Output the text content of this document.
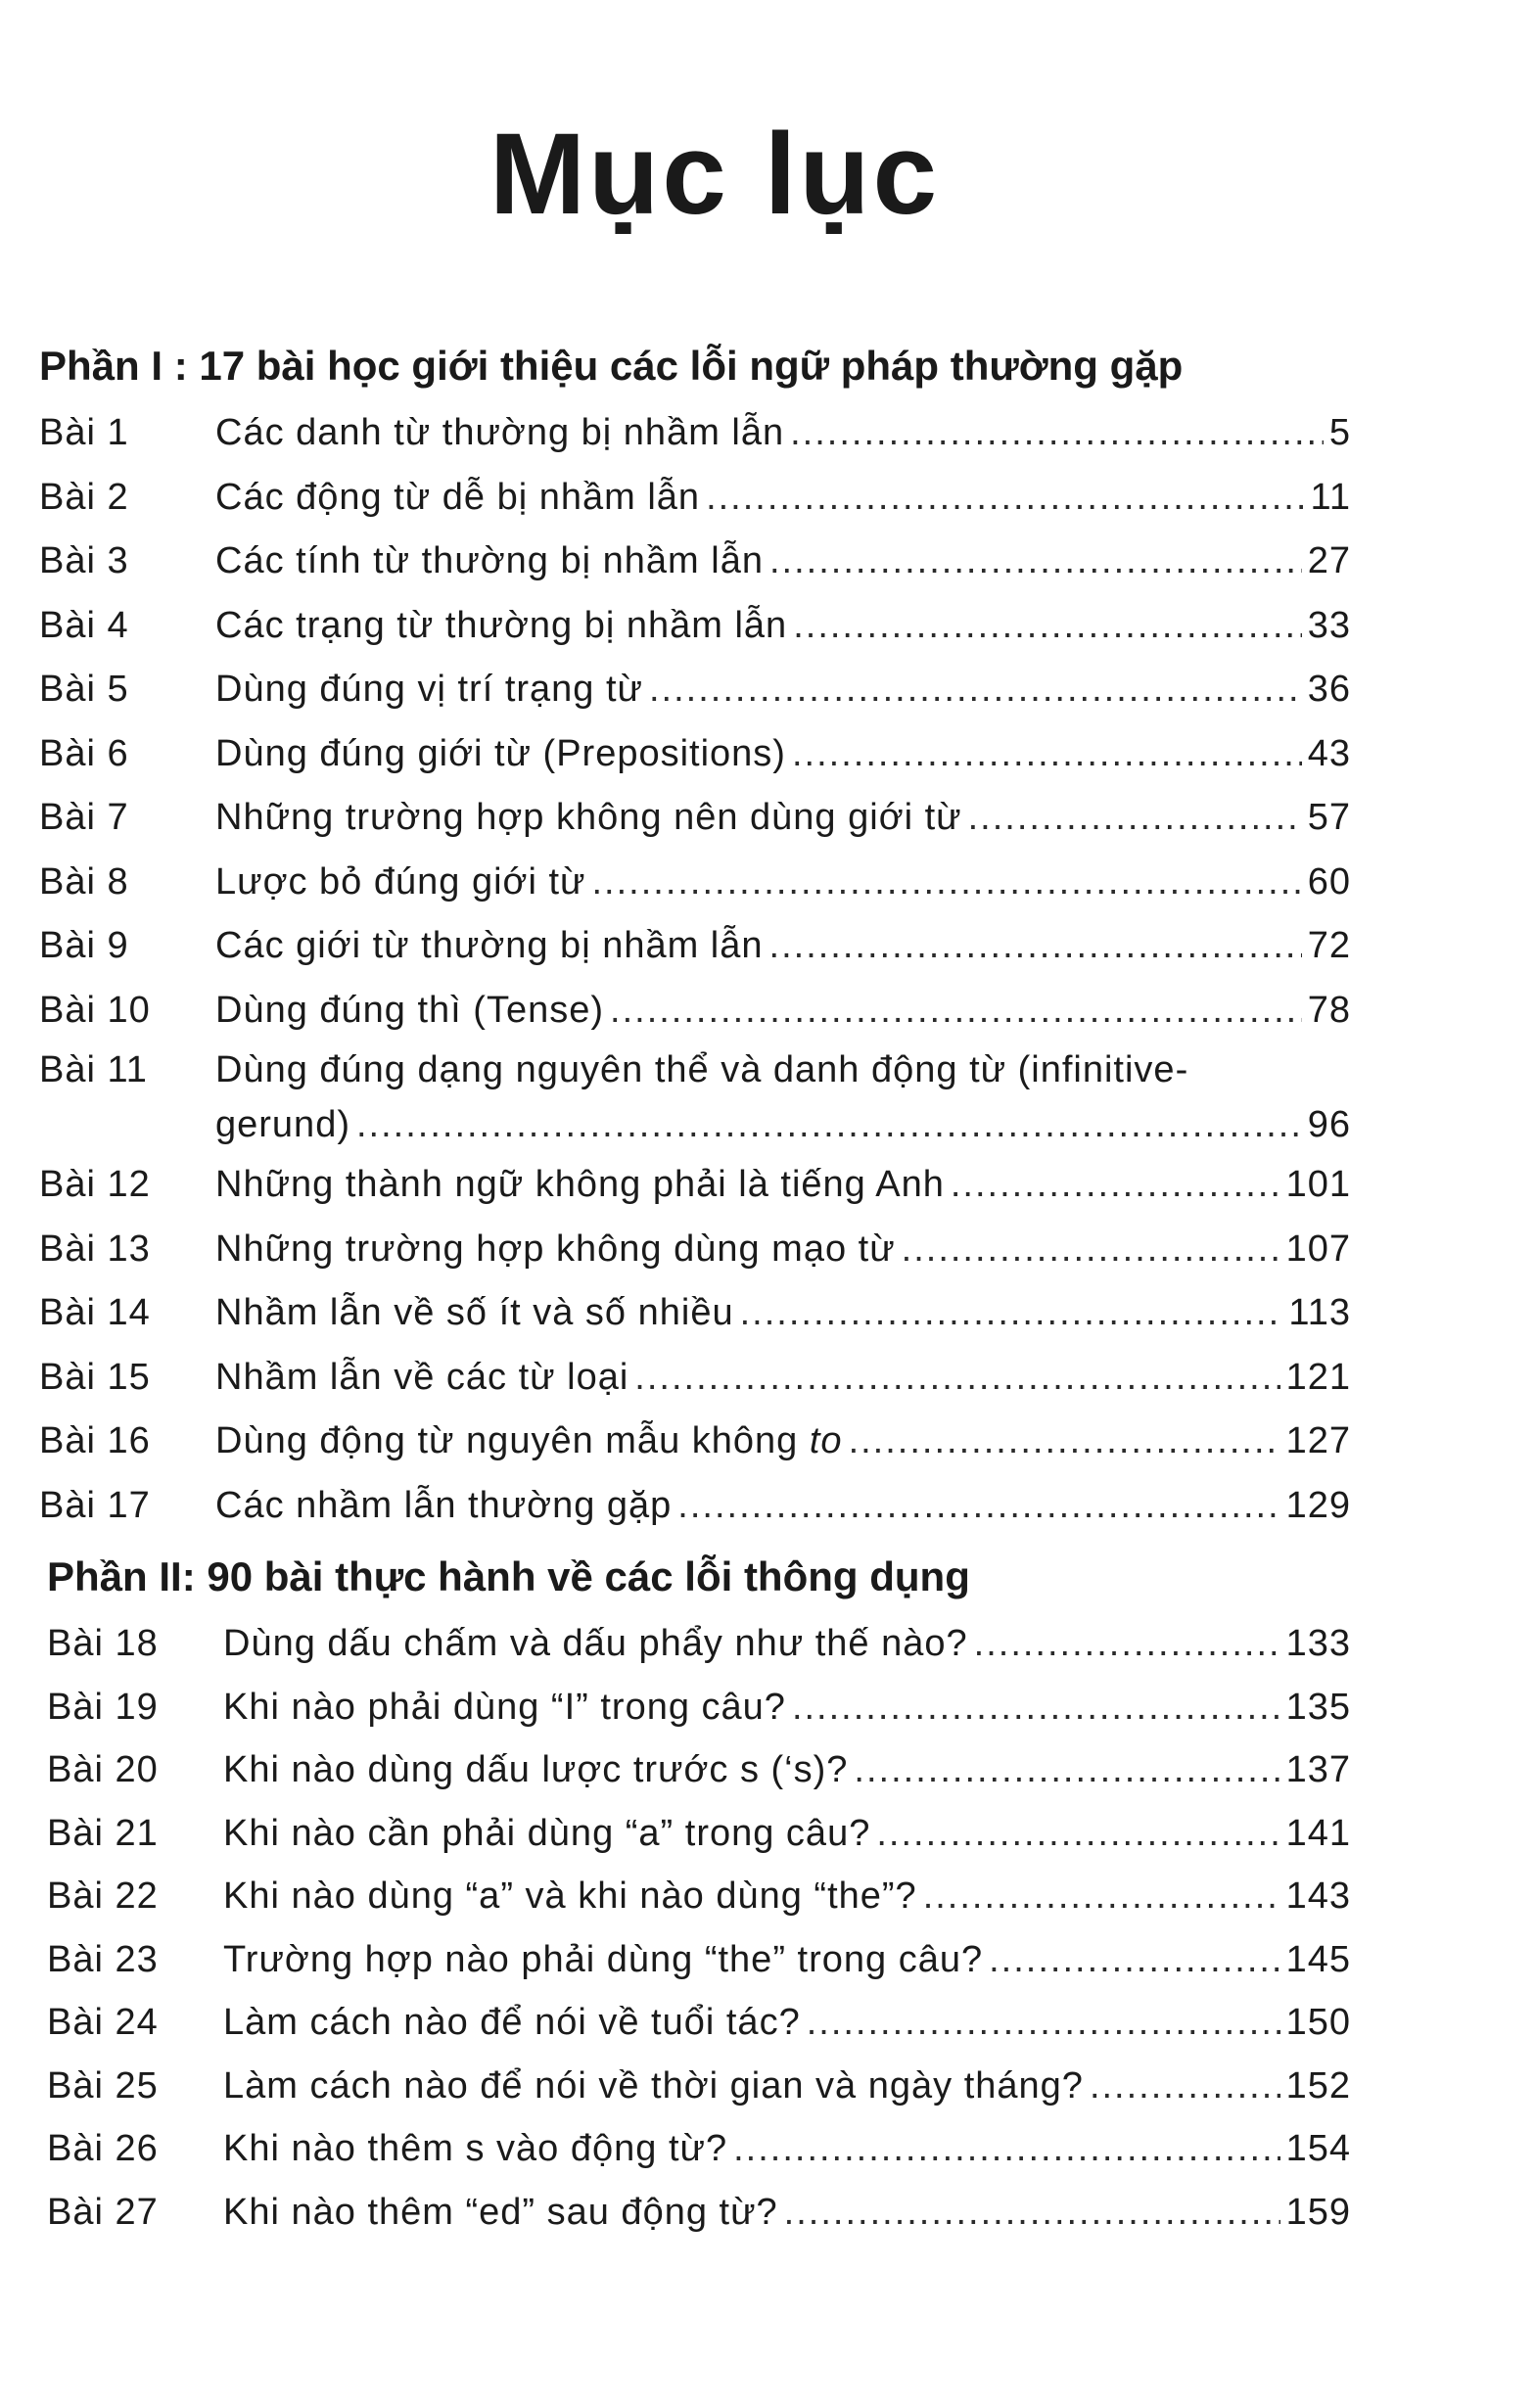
Mục lục
Phần I : 17 bài học giới thiệu các lỗi ngữ pháp thường gặp
Bài 1	Các danh từ thường bị nhầm lẫn .....	5
Bài 2	Các động từ dễ bị nhầm lẫn .....	11
Bài 3	Các tính từ thường bị nhầm lẫn .....	27
Bài 4	Các trạng từ thường bị nhầm lẫn .....	33
Bài 5	Dùng đúng vị trí trạng từ .....	36
Bài 6	Dùng đúng giới từ (Prepositions) .....	43
Bài 7	Những trường hợp không nên dùng giới từ .....	57
Bài 8	Lược bỏ đúng giới từ .....	60
Bài 9	Các giới từ thường bị nhầm lẫn .....	72
Bài 10	Dùng đúng thì (Tense) .....	78
Bài 11	Dùng đúng dạng nguyên thể và danh động từ (infinitive-
gerund) .....	96
Bài 12	Những thành ngữ không phải là tiếng Anh .....	101
Bài 13	Những trường hợp không dùng mạo từ .....	107
Bài 14	Nhầm lẫn về số ít và số nhiều .....	113
Bài 15	Nhầm lẫn về các từ loại .....	121
Bài 16	Dùng động từ nguyên mẫu không to .....	127
Bài 17	Các nhầm lẫn thường gặp .....	129
Phần II: 90 bài thực hành về các lỗi thông dụng
Bài 18	Dùng dấu chấm và dấu phẩy như thế nào? .....	133
Bài 19	Khi nào phải dùng “I” trong câu? .....	135
Bài 20	Khi nào dùng dấu lược trước s (‘s)? .....	137
Bài 21	Khi nào cần phải dùng “a” trong câu? .....	141
Bài 22	Khi nào dùng “a” và khi nào dùng “the”? .....	143
Bài 23	Trường hợp nào phải dùng “the” trong câu? .....	145
Bài 24	Làm cách nào để nói về tuổi tác? .....	150
Bài 25	Làm cách nào để nói về thời gian và ngày tháng? .....	152
Bài 26	Khi nào thêm s vào động từ? .....	154
Bài 27	Khi nào thêm “ed” sau động từ? .....	159
